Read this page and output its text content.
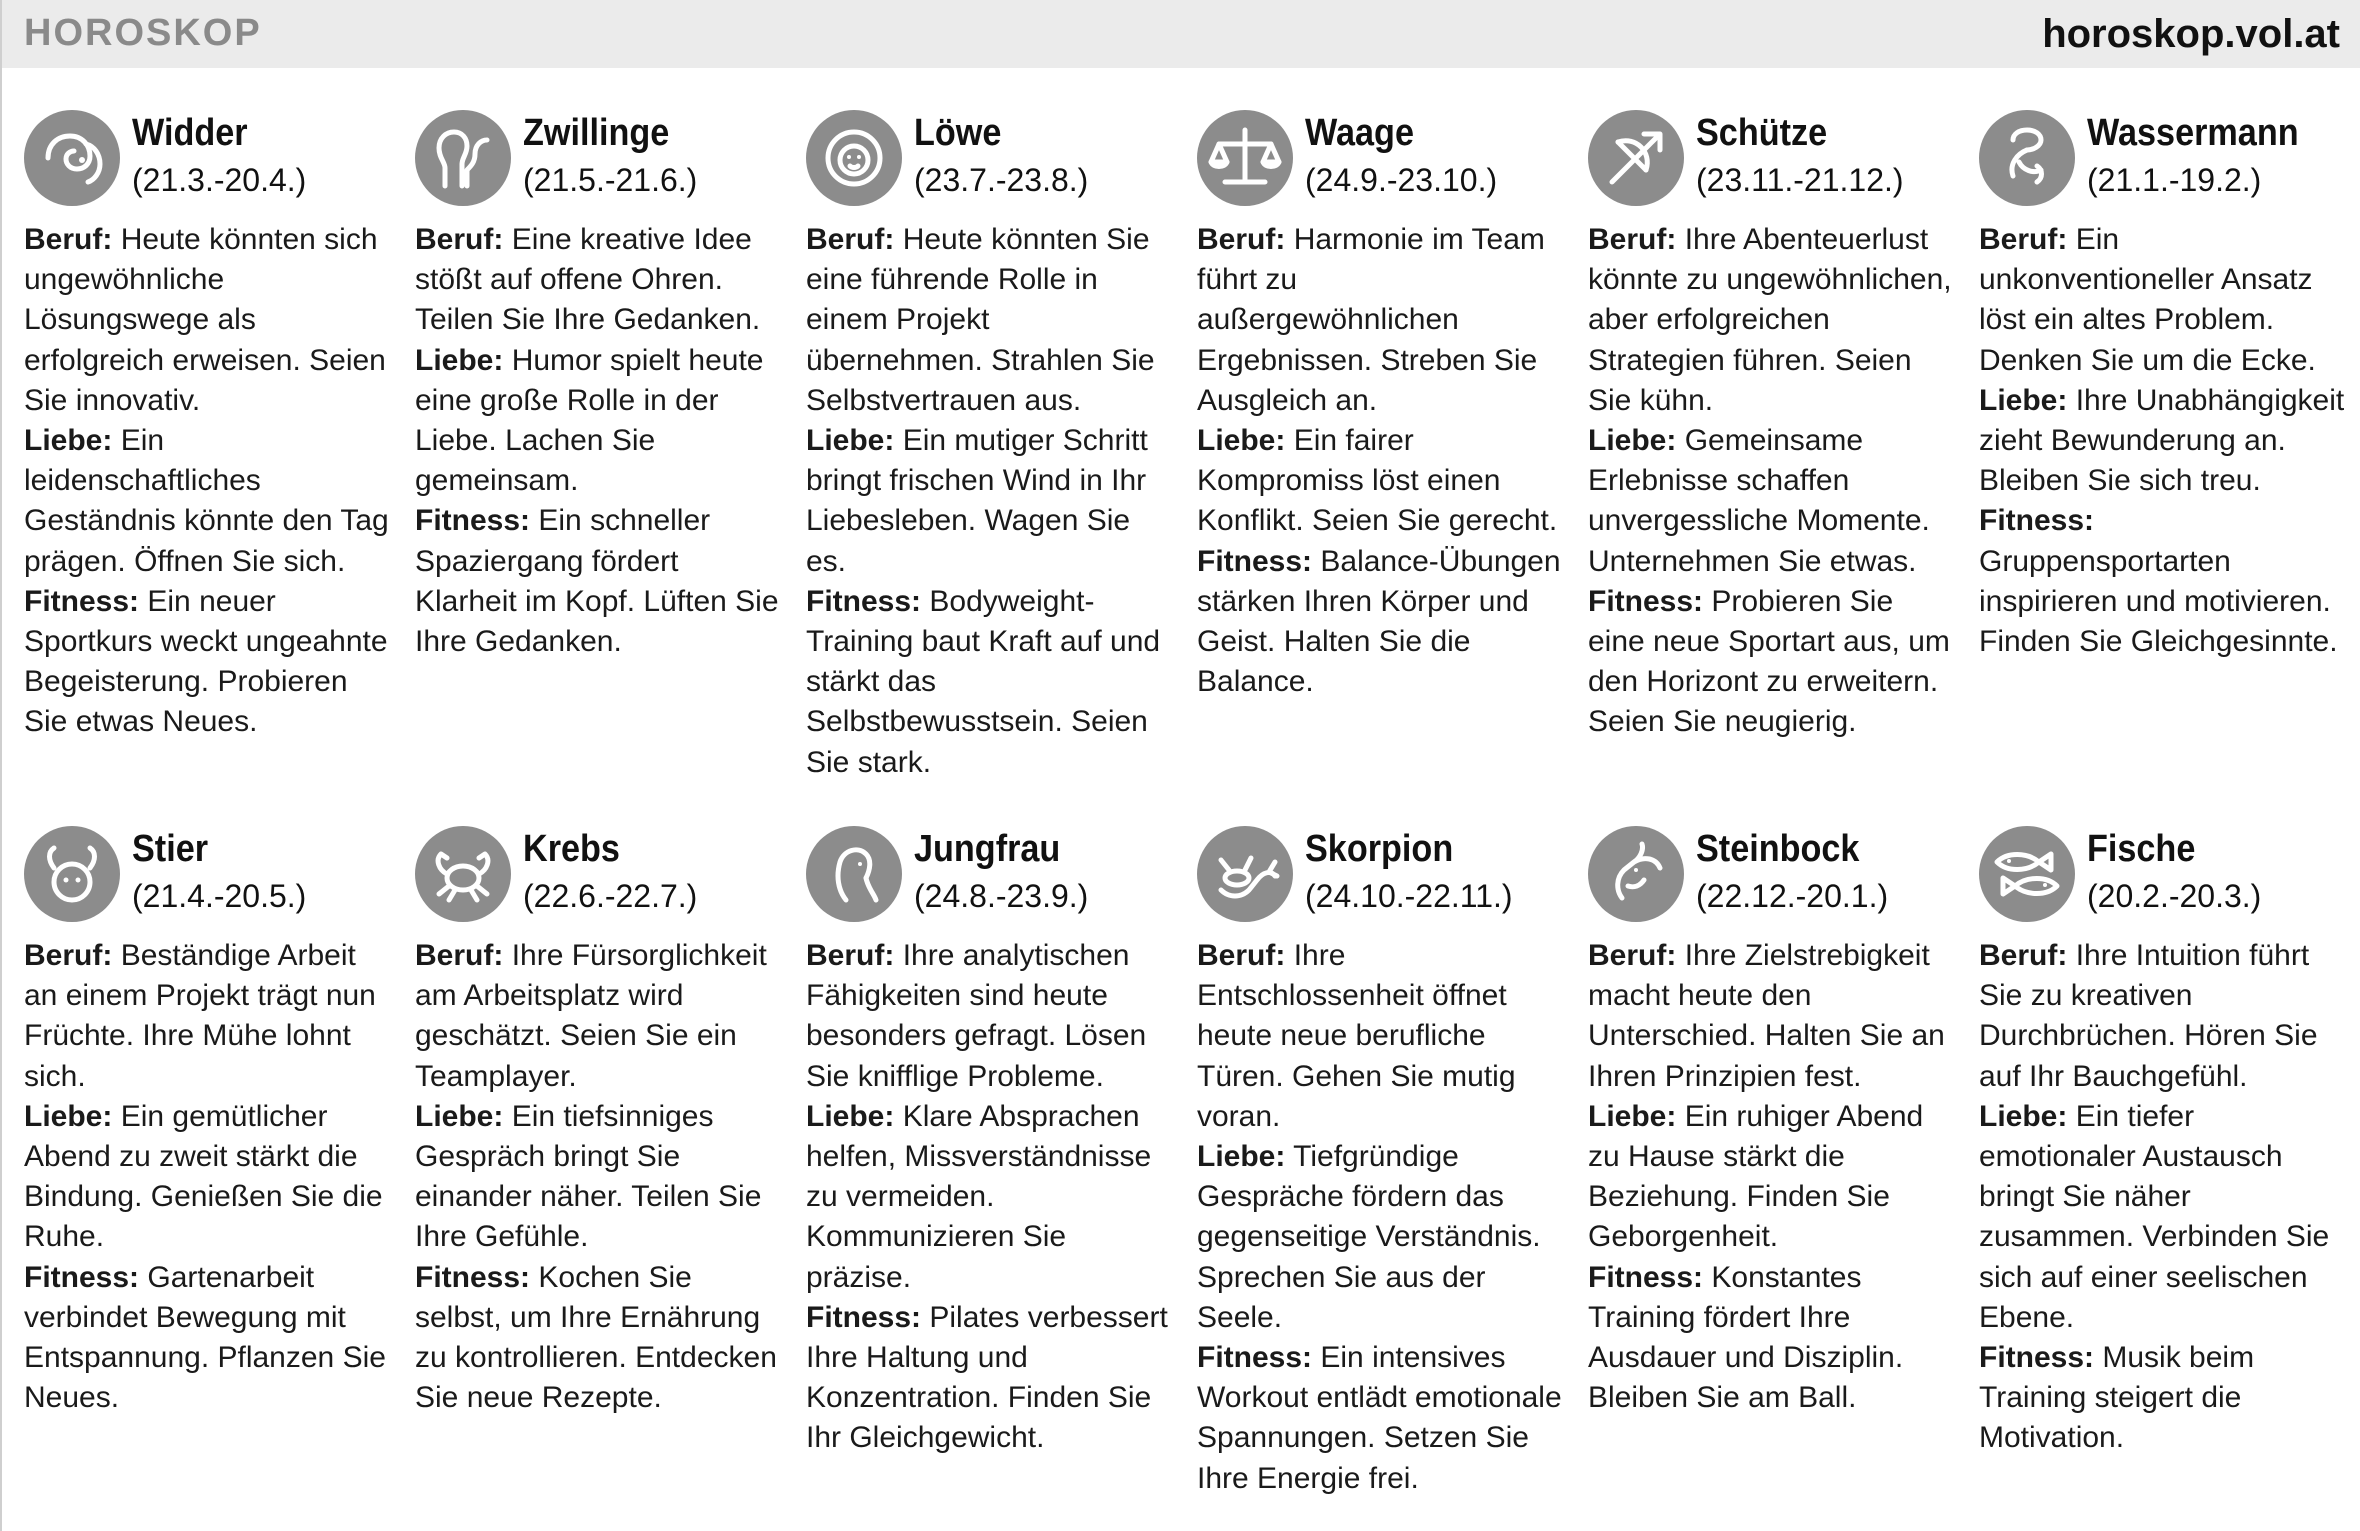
HOROSKOP	horoskop.vol.at
Widder
(21.3.-20.4.)

Beruf: Heute könnten sich ungewöhnliche Lösungswege als erfolgreich erweisen. Seien Sie innovativ.

Liebe: Ein leidenschaftliches Geständnis könnte den Tag prägen. Öffnen Sie sich.

Fitness: Ein neuer Sportkurs weckt ungeahnte Begeisterung. Probieren Sie etwas Neues.

Zwillinge
(21.5.-21.6.)

Beruf: Eine kreative Idee stößt auf offene Ohren. Teilen Sie Ihre Gedanken.

Liebe: Humor spielt heute eine große Rolle in der Liebe. Lachen Sie gemeinsam.

Fitness: Ein schneller Spaziergang fördert Klarheit im Kopf. Lüften Sie Ihre Gedanken.

Löwe
(23.7.-23.8.)

Beruf: Heute könnten Sie eine führende Rolle in einem Projekt übernehmen. Strahlen Sie Selbstvertrauen aus.

Liebe: Ein mutiger Schritt bringt frischen Wind in Ihr Liebesleben. Wagen Sie es.

Fitness: Bodyweight-Training baut Kraft auf und stärkt das Selbstbewusstsein. Seien Sie stark.

Waage
(24.9.-23.10.)

Beruf: Harmonie im Team führt zu außergewöhnlichen Ergebnissen. Streben Sie Ausgleich an.

Liebe: Ein fairer Kompromiss löst einen Konflikt. Seien Sie gerecht.

Fitness: Balance-Übungen stärken Ihren Körper und Geist. Halten Sie die Balance.

Schütze
(23.11.-21.12.)

Beruf: Ihre Abenteuerlust könnte zu ungewöhnlichen, aber erfolgreichen Strategien führen. Seien Sie kühn.

Liebe: Gemeinsame Erlebnisse schaffen unvergessliche Momente. Unternehmen Sie etwas.

Fitness: Probieren Sie eine neue Sportart aus, um den Horizont zu erweitern. Seien Sie neugierig.

Wassermann
(21.1.-19.2.)

Beruf: Ein unkonventioneller Ansatz löst ein altes Problem. Denken Sie um die Ecke.

Liebe: Ihre Unabhängigkeit zieht Bewunderung an. Bleiben Sie sich treu.

Fitness: Gruppensportarten inspirieren und motivieren. Finden Sie Gleichgesinnte.

Stier
(21.4.-20.5.)

Beruf: Beständige Arbeit an einem Projekt trägt nun Früchte. Ihre Mühe lohnt sich.

Liebe: Ein gemütlicher Abend zu zweit stärkt die Bindung. Genießen Sie die Ruhe.

Fitness: Gartenarbeit verbindet Bewegung mit Entspannung. Pflanzen Sie Neues.

Krebs
(22.6.-22.7.)

Beruf: Ihre Fürsorglichkeit am Arbeitsplatz wird geschätzt. Seien Sie ein Teamplayer.

Liebe: Ein tiefsinniges Gespräch bringt Sie einander näher. Teilen Sie Ihre Gefühle.

Fitness: Kochen Sie selbst, um Ihre Ernährung zu kontrollieren. Entdecken Sie neue Rezepte.

Jungfrau
(24.8.-23.9.)

Beruf: Ihre analytischen Fähigkeiten sind heute besonders gefragt. Lösen Sie knifflige Probleme.

Liebe: Klare Absprachen helfen, Missverständnisse zu vermeiden. Kommunizieren Sie präzise.

Fitness: Pilates verbessert Ihre Haltung und Konzentration. Finden Sie Ihr Gleichgewicht.

Skorpion
(24.10.-22.11.)

Beruf: Ihre Entschlossenheit öffnet heute neue berufliche Türen. Gehen Sie mutig voran.

Liebe: Tiefgründige Gespräche fördern das gegenseitige Verständnis. Sprechen Sie aus der Seele.

Fitness: Ein intensives Workout entlädt emotionale Spannungen. Setzen Sie Ihre Energie frei.

Steinbock
(22.12.-20.1.)

Beruf: Ihre Zielstrebigkeit macht heute den Unterschied. Halten Sie an Ihren Prinzipien fest.

Liebe: Ein ruhiger Abend zu Hause stärkt die Beziehung. Finden Sie Geborgenheit.

Fitness: Konstantes Training fördert Ihre Ausdauer und Disziplin. Bleiben Sie am Ball.

Fische
(20.2.-20.3.)

Beruf: Ihre Intuition führt Sie zu kreativen Durchbrüchen. Hören Sie auf Ihr Bauchgefühl.

Liebe: Ein tiefer emotionaler Austausch bringt Sie näher zusammen. Verbinden Sie sich auf einer seelischen Ebene.

Fitness: Musik beim Training steigert die Motivation.
